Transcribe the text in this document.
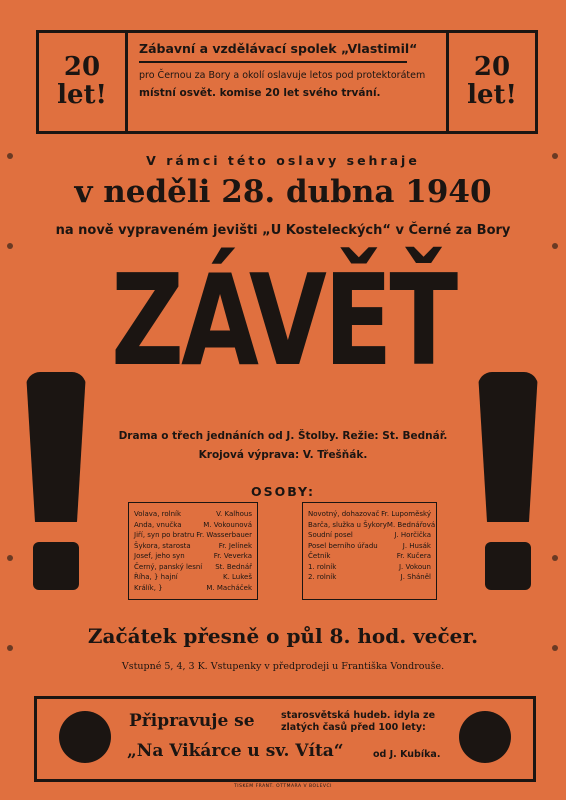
20
let!
20
let!
Zábavní a vzdělávací spolek „Vlastimil“
pro Černou za Bory a okolí oslavuje letos pod protektorátem
místní osvět. komise 20 let svého trvání.
V rámci této oslavy sehraje
v neděli 28. dubna 1940
na nově vypraveném jevišti „U Kosteleckých“ v Černé za Bory
ZÁVĚŤ
Drama o třech jednáních od J. Štolby. Režie: St. Bednář.
Krojová výprava: V. Třešňák.
OSOBY:
Volava, rolník	V. Kalhous
Anda, vnučka	M. Vokounová
Jiří, syn po bratru Fr. Wasserbauer
Šykora, starosta	Fr. Jelínek
Josef, jeho syn	Fr. Veverka
Černý, panský lesní St. Bednář
Říha, } hajní	K. Lukeš
Králík, }	M. Macháček
Novotný, dohazovač Fr. Lupoměský
Barča, služka u Šykory M. Bednářová
Soudní posel	J. Horčička
Posel berního úřadu	J. Husák
Četník	Fr. Kučera
1. rolník	J. Vokoun
2. rolník	J. Sháněl
Začátek přesně o půl 8. hod. večer.
Vstupné 5, 4, 3 K. Vstupenky v předprodeji u Františka Vondrouše.
Připravuje se	starosvětská hudeb. idyla ze
zlatých časů před 100 lety:
„Na Vikárce u sv. Víta“	od J. Kubíka.
TISKEM FRANT. OTTMARA V BOLEVCI
